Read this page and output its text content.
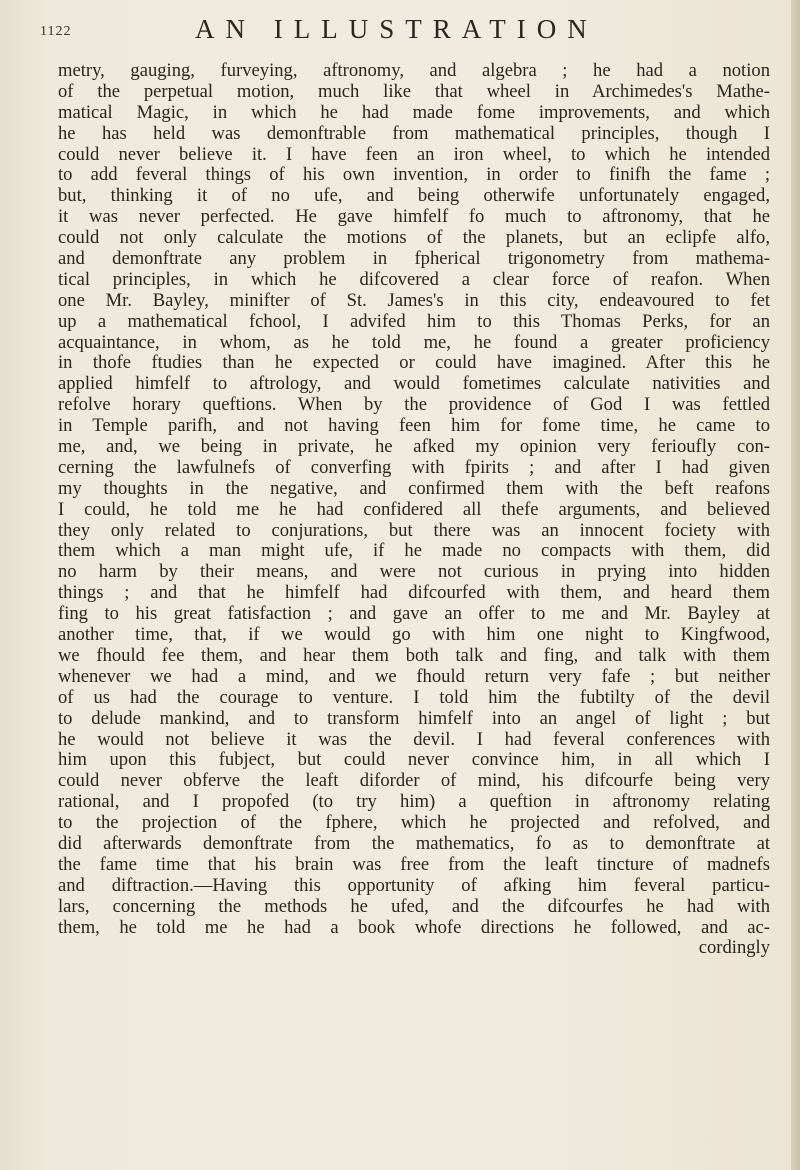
1122	AN ILLUSTRATION
metry, gauging, furveying, aftronomy, and algebra ; he had a notion
of the perpetual motion, much like that wheel in Archimedes's Mathe-
matical Magic, in which he had made fome improvements, and which
he has held was demonftrable from mathematical principles, though I
could never believe it. I have feen an iron wheel, to which he intended
to add feveral things of his own invention, in order to finifh the fame ;
but, thinking it of no ufe, and being otherwife unfortunately engaged,
it was never perfected. He gave himfelf fo much to aftronomy, that he
could not only calculate the motions of the planets, but an eclipfe alfo,
and demonftrate any problem in fpherical trigonometry from mathema-
tical principles, in which he difcovered a clear force of reafon. When
one Mr. Bayley, minifter of St. James's in this city, endeavoured to fet
up a mathematical fchool, I advifed him to this Thomas Perks, for an
acquaintance, in whom, as he told me, he found a greater proficiency
in thofe ftudies than he expected or could have imagined. After this he
applied himfelf to aftrology, and would fometimes calculate nativities and
refolve horary queftions. When by the providence of God I was fettled
in Temple parifh, and not having feen him for fome time, he came to
me, and, we being in private, he afked my opinion very ferioufly con-
cerning the lawfulnefs of converfing with fpirits ; and after I had given
my thoughts in the negative, and confirmed them with the beft reafons
I could, he told me he had confidered all thefe arguments, and believed
they only related to conjurations, but there was an innocent fociety with
them which a man might ufe, if he made no compacts with them, did
no harm by their means, and were not curious in prying into hidden
things ; and that he himfelf had difcourfed with them, and heard them
fing to his great fatisfaction ; and gave an offer to me and Mr. Bayley at
another time, that, if we would go with him one night to Kingfwood,
we fhould fee them, and hear them both talk and fing, and talk with them
whenever we had a mind, and we fhould return very fafe ; but neither
of us had the courage to venture. I told him the fubtilty of the devil
to delude mankind, and to transform himfelf into an angel of light ; but
he would not believe it was the devil. I had feveral conferences with
him upon this fubject, but could never convince him, in all which I
could never obferve the leaft diforder of mind, his difcourfe being very
rational, and I propofed (to try him) a queftion in aftronomy relating
to the projection of the fphere, which he projected and refolved, and
did afterwards demonftrate from the mathematics, fo as to demonftrate at
the fame time that his brain was free from the leaft tincture of madnefs
and diftraction.—Having this opportunity of afking him feveral particu-
lars, concerning the methods he ufed, and the difcourfes he had with
them, he told me he had a book whofe directions he followed, and ac-
cordingly
